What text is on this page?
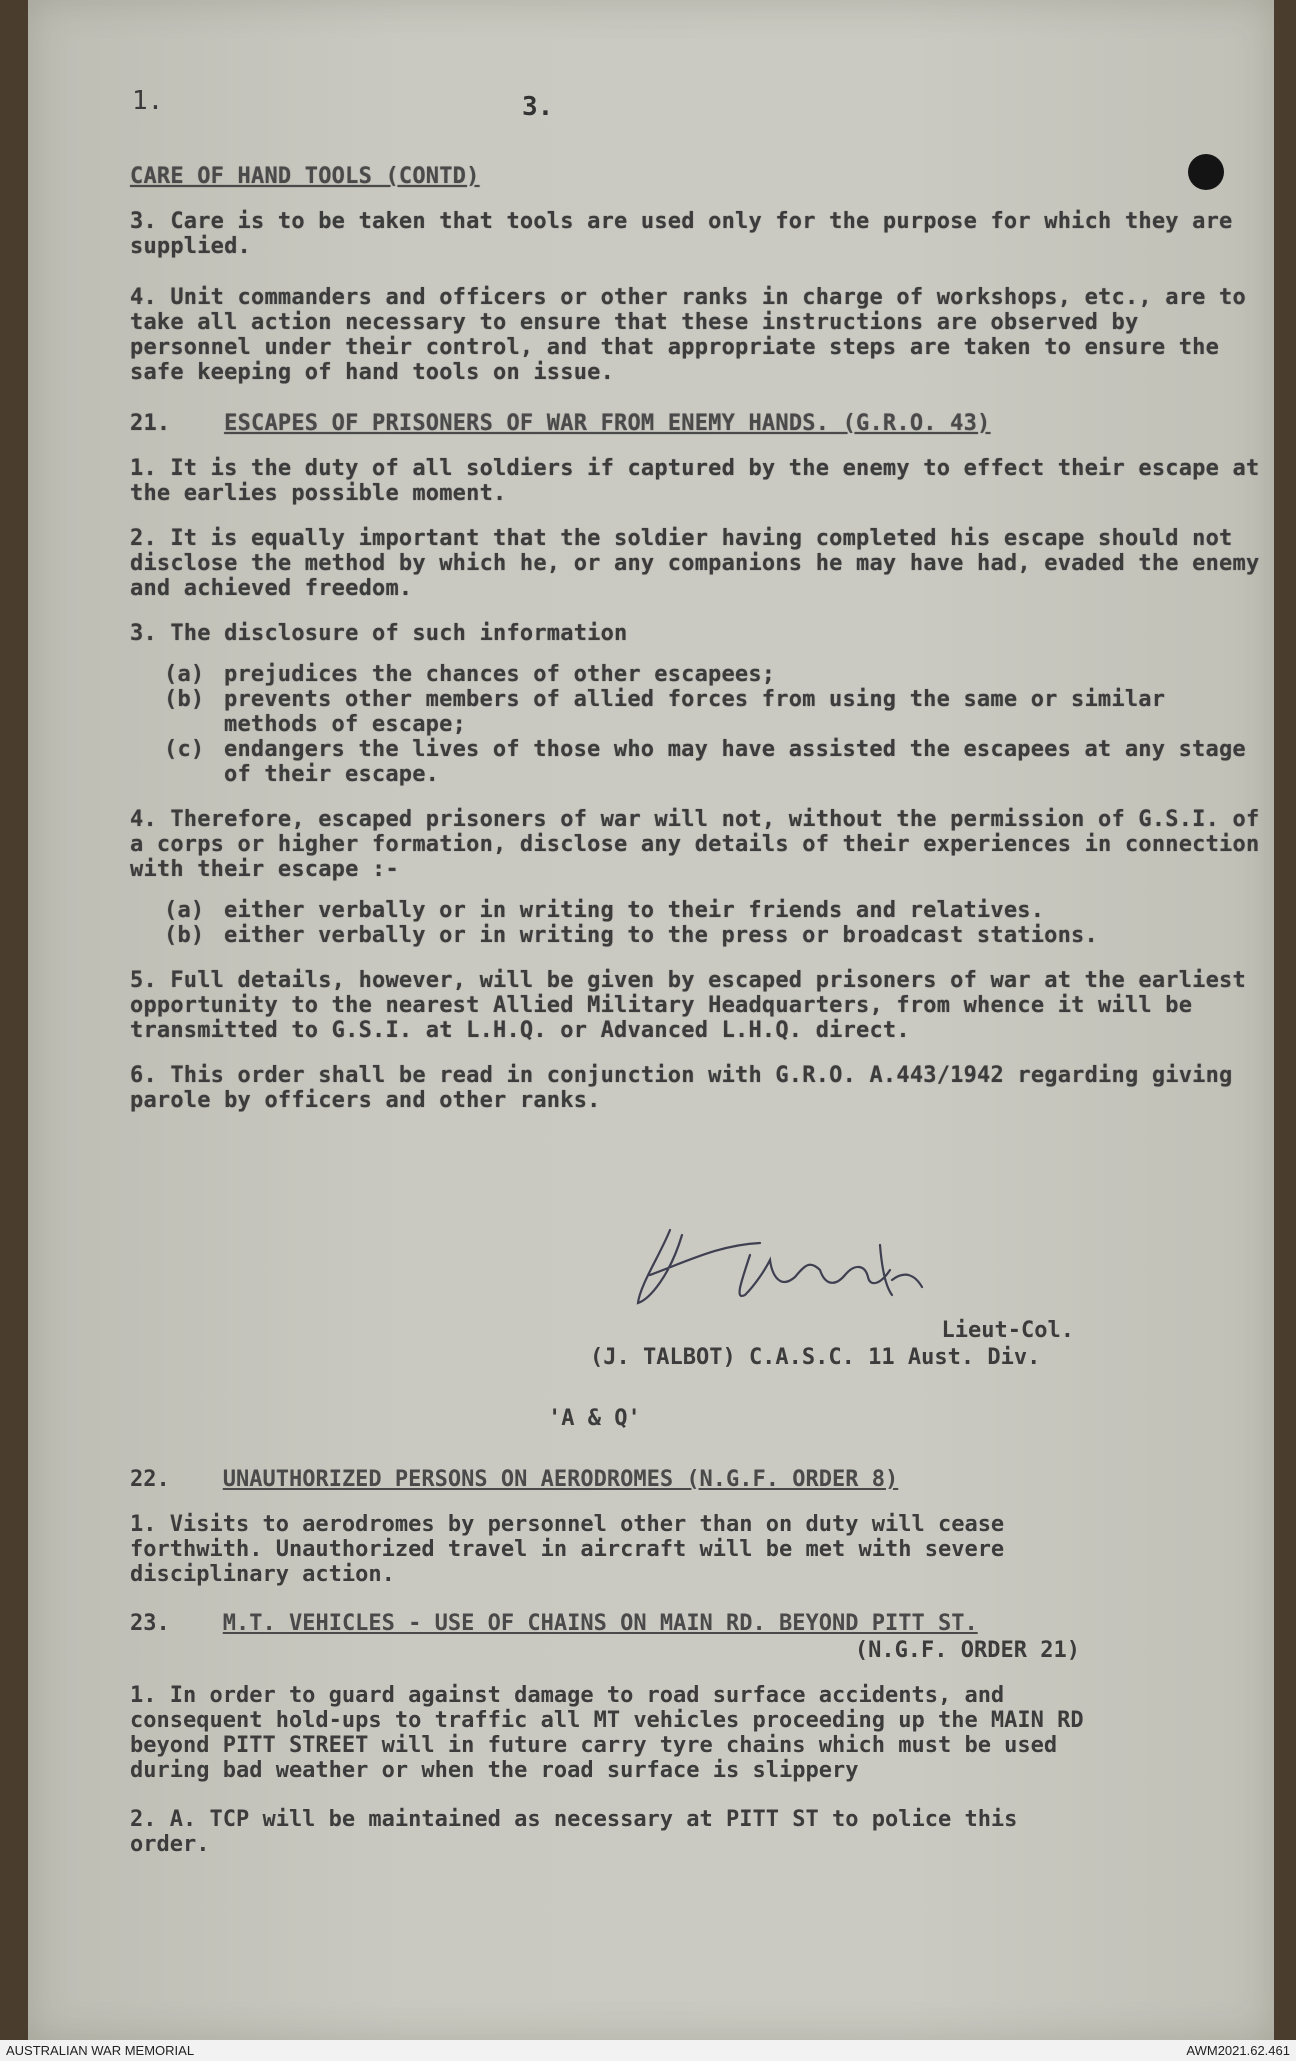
1.	3.

CARE OF HAND TOOLS (CONTD)

3. Care is to be taken that tools are used only for the purpose for which they are supplied.

4. Unit commanders and officers or other ranks in charge of workshops, etc., are to take all action necessary to ensure that these instructions are observed by personnel under their control, and that appropriate steps are taken to ensure the safe keeping of hand tools on issue.

21. ESCAPES OF PRISONERS OF WAR FROM ENEMY HANDS. (G.R.O. 43)

1. It is the duty of all soldiers if captured by the enemy to effect their escape at the earlies possible moment.

2. It is equally important that the soldier having completed his escape should not disclose the method by which he, or any companions he may have had, evaded the enemy and achieved freedom.

3. The disclosure of such information

(a) prejudices the chances of other escapees;
(b) prevents other members of allied forces from using the same or similar methods of escape;
(c) endangers the lives of those who may have assisted the escapees at any stage of their escape.

4. Therefore, escaped prisoners of war will not, without the permission of G.S.I. of a corps or higher formation, disclose any details of their experiences in connection with their escape :-

(a) either verbally or in writing to their friends and relatives.
(b) either verbally or in writing to the press or broadcast stations.

5. Full details, however, will be given by escaped prisoners of war at the earliest opportunity to the nearest Allied Military Headquarters, from whence it will be transmitted to G.S.I. at L.H.Q. or Advanced L.H.Q. direct.

6. This order shall be read in conjunction with G.R.O. A.443/1942 regarding giving parole by officers and other ranks.

Lieut-Col.

(J. TALBOT) C.A.S.C. 11 Aust. Div.

'A & Q'

22. UNAUTHORIZED PERSONS ON AERODROMES (N.G.F. ORDER 8)

1. Visits to aerodromes by personnel other than on duty will cease forthwith. Unauthorized travel in aircraft will be met with severe disciplinary action.

23. M.T. VEHICLES - USE OF CHAINS ON MAIN RD. BEYOND PITT ST.

(N.G.F. ORDER 21)

1. In order to guard against damage to road surface accidents, and consequent hold-ups to traffic all MT vehicles proceeding up the MAIN RD beyond PITT STREET will in future carry tyre chains which must be used during bad weather or when the road surface is slippery

2. A. TCP will be maintained as necessary at PITT ST to police this order.

AUSTRALIAN WAR MEMORIAL	AWM2021.62.461
